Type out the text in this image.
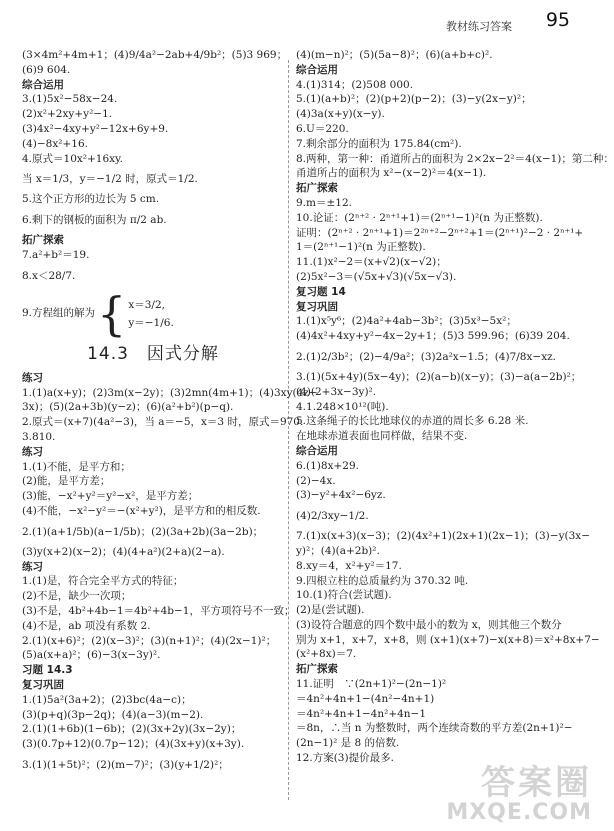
教材练习答案 95
(3×4m²+4m+1；(4)9/4a²−2ab+4/9b²；(5)3 969；
(6)9 604.
综合运用
3.(1)5x²−58x−24.
(2)x²+2xy+y²−1.
(3)4x²−4xy+y²−12x+6y+9.
(4)−8x²+16.
4.原式＝10x²+16xy.
当 x＝1/3，y＝−1/2 时，原式＝1/2.
5.这个正方形的边长为 5 cm.
6.剩下的钢板的面积为 π/2 ab.
拓广探索
7.a²+b²＝19.
8.x＜28/7.
9.方程组的解为 { x＝3/2,
y＝−1/6.
14.3　因式分解
练习
1.(1)a(x+y)；(2)3m(x−2y)；(3)2mn(4m+1)；(4)3xy(4z−
3x)；(5)(2a+3b)(y−z)；(6)(a²+b²)(p−q).
2.原式＝(x+7)(4a²−3)，当 a＝−5，x＝3 时，原式＝970.
3.810.
练习
1.(1)不能，是平方和；
(2)能，是平方差；
(3)能，−x²+y²＝y²−x²，是平方差；
(4)不能，−x²−y²＝−(x²+y²)，是平方和的相反数.
2.(1)(a+1/5b)(a−1/5b)；(2)(3a+2b)(3a−2b)；
(3)y(x+2)(x−2)；(4)(4+a²)(2+a)(2−a).
练习
1.(1)是，符合完全平方式的特征；
(2)不是，缺少一次项；
(3)不是，4b²+4b−1＝4b²+4b−1，平方项符号不一致；
(4)不是，ab 项没有系数 2.
2.(1)(x+6)²；(2)(x−3)²；(3)(n+1)²；(4)(2x−1)²；
(5)a(x+a)²；(6)−3(x−3y)².
习题 14.3
复习巩固
1.(1)5a²(3a+2)；(2)3bc(4a−c)；
(3)(p+q)(3p−2q)；(4)(a−3)(m−2).
2.(1)(1+6b)(1−6b)；(2)(3x+2y)(3x−2y)；
(3)(0.7p+12)(0.7p−12)；(4)(3x+y)(x+3y).
3.(1)(1+5t)²；(2)(m−7)²；(3)(y+1/2)²；
(4)(m−n)²；(5)(5a−8)²；(6)(a+b+c)².
综合运用
4.(1)314；(2)508 000.
5.(1)(a+b)²；(2)(p+2)(p−2)；(3)−y(2x−y)²；
(4)3a(x+y)(x−y).
6.U＝220.
7.剩余部分的面积为 175.84(cm²).
8.两种，第一种：甬道所占的面积为 2×2x−2²＝4(x−1)；第二种：
甬道所占的面积为 x²−(x−2)²＝4(x−1).
拓广探索
9.m＝±12.
10.论证：(2ⁿ⁺² · 2ⁿ⁺¹+1)＝(2ⁿ⁺¹−1)²(n 为正整数).
证明：(2ⁿ⁺² · 2ⁿ⁺¹+1)＝2²ⁿ⁺²−2ⁿ⁺²+1＝(2ⁿ⁺¹)²−2 · 2ⁿ⁺¹+
1＝(2ⁿ⁺¹−1)²(n 为正整数).
11.(1)x²−2＝(x+√2)(x−√2)；
(2)5x²−3＝(√5x+√3)(√5x−√3).
复习题 14
复习巩固
1.(1)x⁵y⁶；(2)4a²+4ab−3b²；(3)5x³−5x²；
(4)4x²+4xy+y²−4x−2y+1；(5)3 599.96；(6)39 204.
2.(1)2/3b²；(2)−4/9a²；(3)2a²x−1.5；(4)7/8x−xz.
3.(1)(5x+4y)(5x−4y)；(2)(a−b)(x−y)；(3)−a(a−2b)²；
(4)(2+3x−3y)².
4.1.248×10¹²(吨).
5.这条绳子的长比地球仪的赤道的周长多 6.28 米.
在地球赤道表面也同样做，结果不变.
综合运用
6.(1)8x+29.
(2)−4x.
(3)−y²+4x²−6yz.
(4)2/3xy−1/2.
7.(1)x(x+3)(x−3)；(2)(4x²+1)(2x+1)(2x−1)；(3)−y(3x−
y)²；(4)(a+2b)².
8.xy＝4，x²+y²＝17.
9.四根立柱的总质量约为 370.32 吨.
10.(1)符合(尝试题).
(2)是(尝试题).
(3)设符合题意的四个数中最小的数为 x，则其他三个数分
别为 x+1，x+7，x+8，则 (x+1)(x+7)−x(x+8)＝x²+8x+7−
(x²+8x)＝7.
拓广探索
11.证明　∵(2n+1)²−(2n−1)²
＝4n²+4n+1−(4n²−4n+1)
＝4n²+4n+1−4n²+4n−1
＝8n，∴当 n 为整数时，两个连续奇数的平方差(2n+1)²−
(2n−1)² 是 8 的倍数.
12.方案(3)提价最多.
答案圈
MXQE.COM
